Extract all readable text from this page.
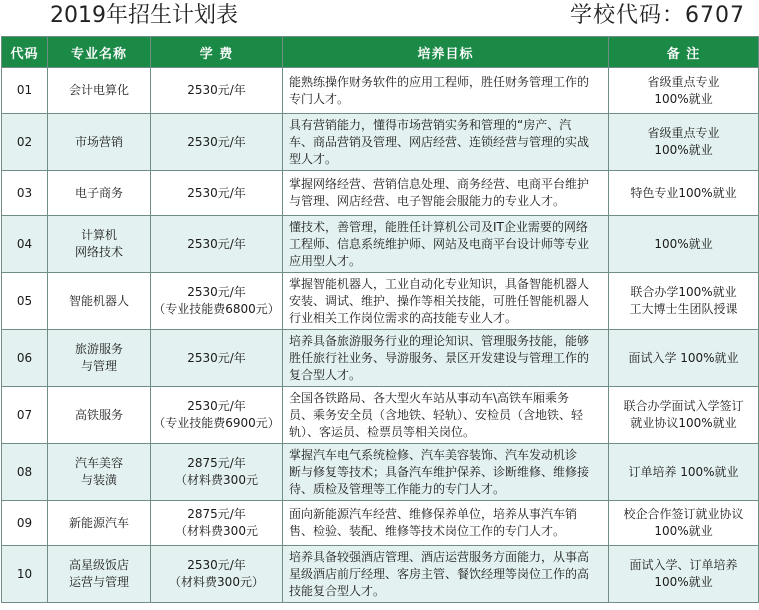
2019年招生计划表	学校代码：6707
代码	专业名称	学 费	培养目标	备 注
01	会计电算化	2530元/年	能熟练操作财务软件的应用工程师，胜任财务管理工作的
专门人才。	省级重点专业
100%就业

02	市场营销	2530元/年	具有营销能力，懂得市场营销实务和管理的“房产、汽
车、商品营销及管理、网店经营、连锁经营与管理的实战
型人才。	省级重点专业
100%就业

03	电子商务	2530元/年	掌握网络经营、营销信息处理、商务经营、电商平台维护
与管理、网店经营、电子智能会服能力的专业人才。	特色专业100%就业

04	计算机
网络技术	2530元/年	懂技术，善管理，能胜任计算机公司及IT企业需要的网络
工程师、信息系统维护师、网站及电商平台设计师等专业
应用型人才。	100%就业

05	智能机器人	2530元/年
（专业技能费6800元）	掌握智能机器人，工业自动化专业知识，具备智能机器人
安装、调试、维护、操作等相关技能，可胜任智能机器人
行业相关工作岗位需求的高技能专业人才。	联合办学100%就业
工大博士生团队授课

06	旅游服务
与管理	2530元/年	培养具备旅游服务行业的理论知识、管理服务技能，能够
胜任旅行社业务、导游服务、景区开发建设与管理工作的
复合型人才。	面试入学 100%就业

07	高铁服务	2530元/年
（专业技能费6900元）	全国各铁路局、各大型火车站从事动车\高铁车厢乘务
员、乘务安全员（含地铁、轻轨）、安检员（含地铁、轻
轨）、客运员、检票员等相关岗位。	联合办学面试入学签订
就业协议100%就业

08	汽车美容
与装潢	2875元/年
（材料费300元	掌握汽车电气系统检修、汽车美容装饰、汽车发动机诊
断与修复等技术；具备汽车维护保养、诊断维修、维修接
待、质检及管理等工作能力的专门人才。	订单培养 100%就业

09	新能源汽车	2875元/年
（材料费300元	面向新能源汽车经营、维修保养单位，培养从事汽车销
售、检验、装配、维修等技术岗位工作的专门人才。	校企合作签订就业协议
100%就业

10	高星级饭店
运营与管理	2530元/年
（材料费300元）	培养具备较强酒店管理、酒店运营服务方面能力，从事高
星级酒店前厅经理、客房主管、餐饮经理等岗位工作的高
技能复合型人才。	面试入学、订单培养
100%就业
